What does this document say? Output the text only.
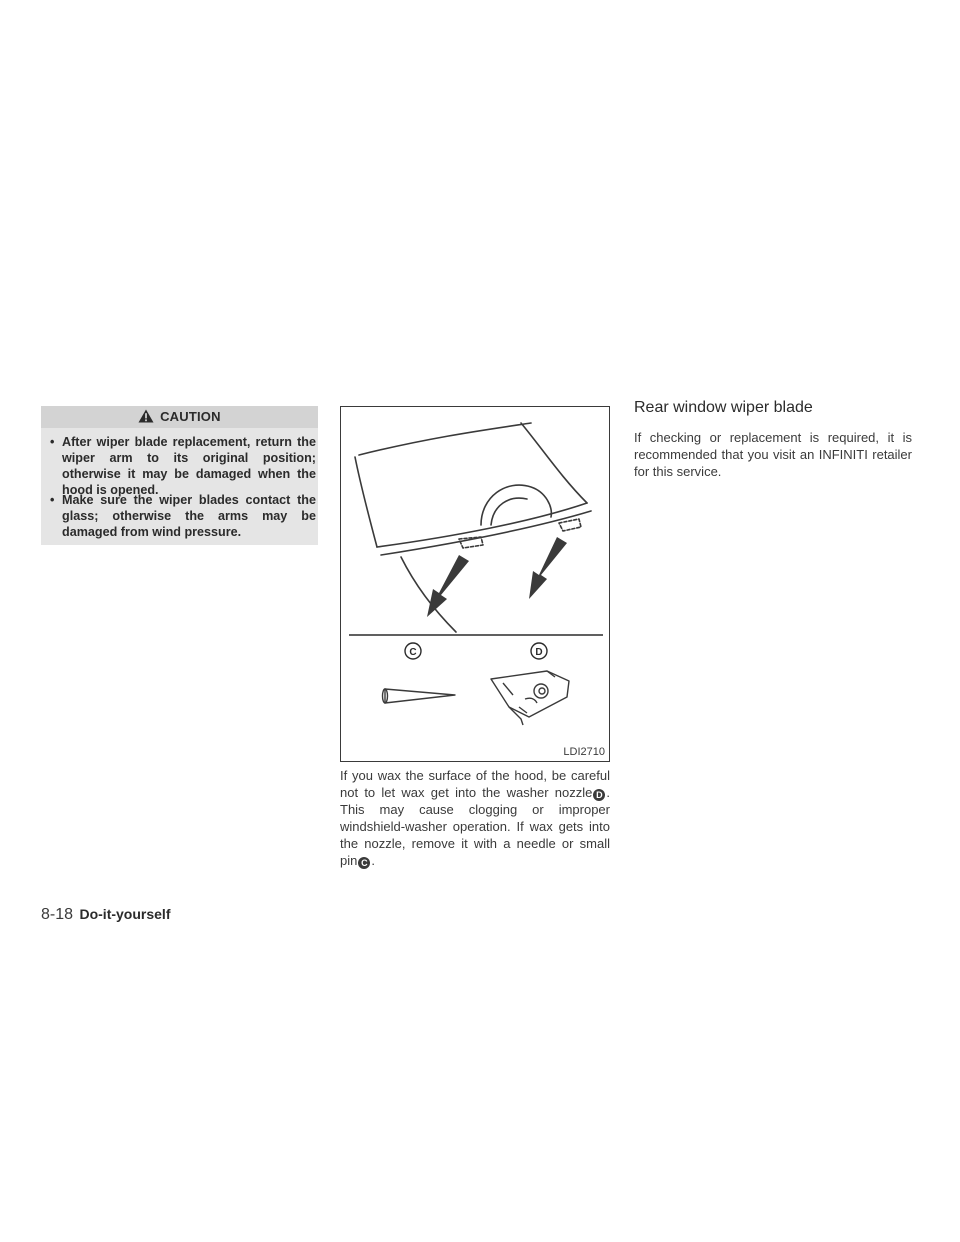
CAUTION
• After wiper blade replacement, return the wiper arm to its original position; otherwise it may be damaged when the hood is opened.
• Make sure the wiper blades contact the glass; otherwise the arms may be damaged from wind pressure.
C	D
LDI2710
If you wax the surface of the hood, be careful not to let wax get into the washer nozzle D . This may cause clogging or improper windshield-washer operation. If wax gets into the nozzle, remove it with a needle or small pin C .
Rear window wiper blade
If checking or replacement is required, it is recommended that you visit an INFINITI retailer for this service.
8-18 Do-it-yourself
